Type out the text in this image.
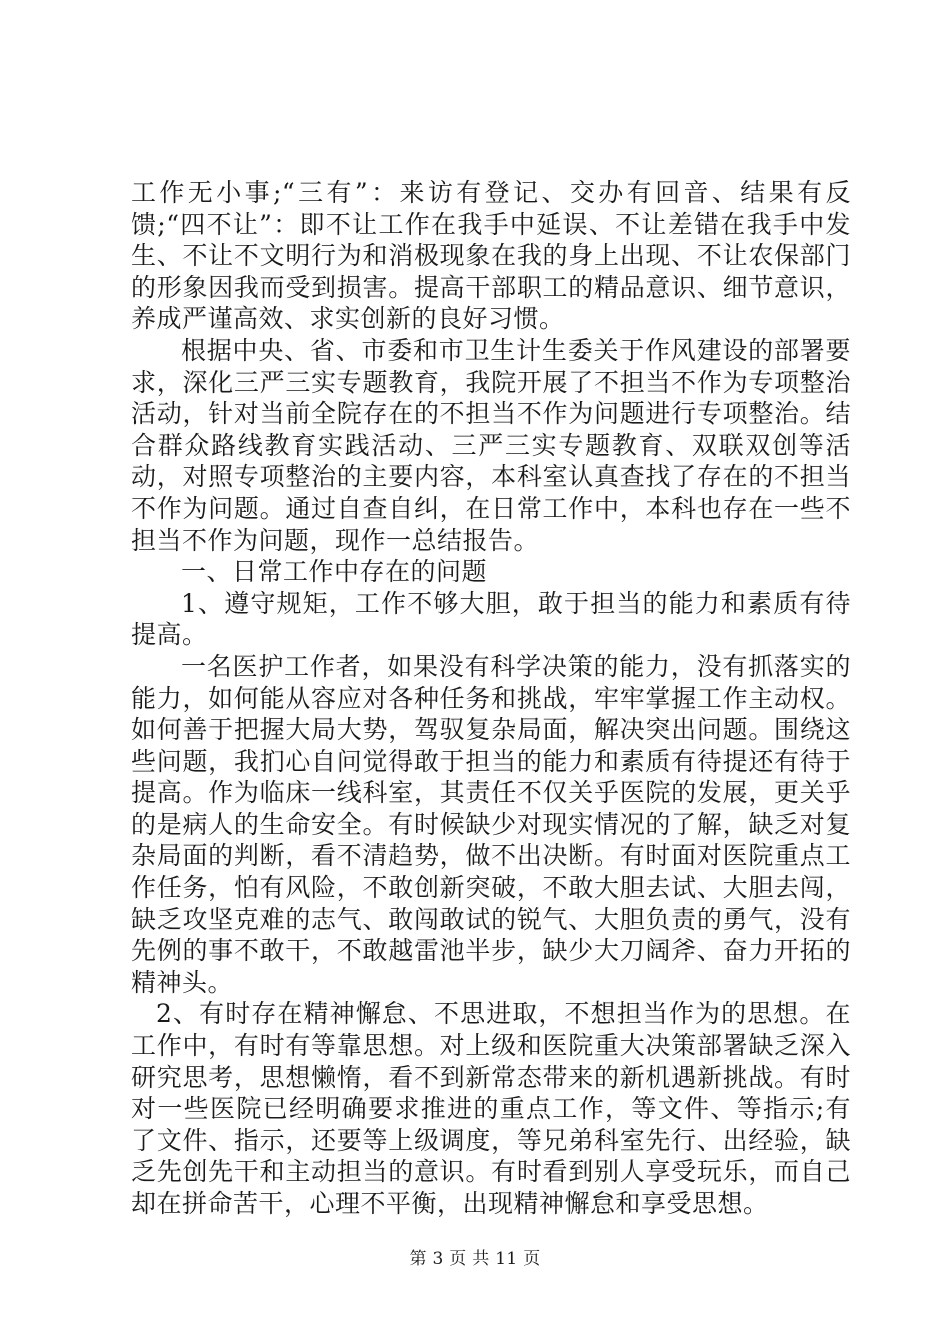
工作无小事;“三有”：来访有登记、交办有回音、结果有反馈;“四不让”：即不让工作在我手中延误、不让差错在我手中发生、不让不文明行为和消极现象在我的身上出现、不让农保部门的形象因我而受到损害。提高干部职工的精品意识、细节意识，养成严谨高效、求实创新的良好习惯。

根据中央、省、市委和市卫生计生委关于作风建设的部署要求，深化三严三实专题教育，我院开展了不担当不作为专项整治活动，针对当前全院存在的不担当不作为问题进行专项整治。结合群众路线教育实践活动、三严三实专题教育、双联双创等活动，对照专项整治的主要内容，本科室认真查找了存在的不担当不作为问题。通过自查自纠，在日常工作中，本科也存在一些不担当不作为问题，现作一总结报告。

一、日常工作中存在的问题

1、遵守规矩，工作不够大胆，敢于担当的能力和素质有待提高。

一名医护工作者，如果没有科学决策的能力，没有抓落实的能力，如何能从容应对各种任务和挑战，牢牢掌握工作主动权。如何善于把握大局大势，驾驭复杂局面，解决突出问题。围绕这些问题，我扪心自问觉得敢于担当的能力和素质有待提还有待于提高。作为临床一线科室，其责任不仅关乎医院的发展，更关乎的是病人的生命安全。有时候缺少对现实情况的了解，缺乏对复杂局面的判断，看不清趋势，做不出决断。有时面对医院重点工作任务，怕有风险，不敢创新突破，不敢大胆去试、大胆去闯，缺乏攻坚克难的志气、敢闯敢试的锐气、大胆负责的勇气，没有先例的事不敢干，不敢越雷池半步，缺少大刀阔斧、奋力开拓的精神头。

2、有时存在精神懈怠、不思进取，不想担当作为的思想。在工作中，有时有等靠思想。对上级和医院重大决策部署缺乏深入研究思考，思想懒惰，看不到新常态带来的新机遇新挑战。有时对一些医院已经明确要求推进的重点工作，等文件、等指示;有了文件、指示，还要等上级调度，等兄弟科室先行、出经验，缺乏先创先干和主动担当的意识。有时看到别人享受玩乐，而自己却在拼命苦干，心理不平衡，出现精神懈怠和享受思想。

第 3 页 共 11 页
